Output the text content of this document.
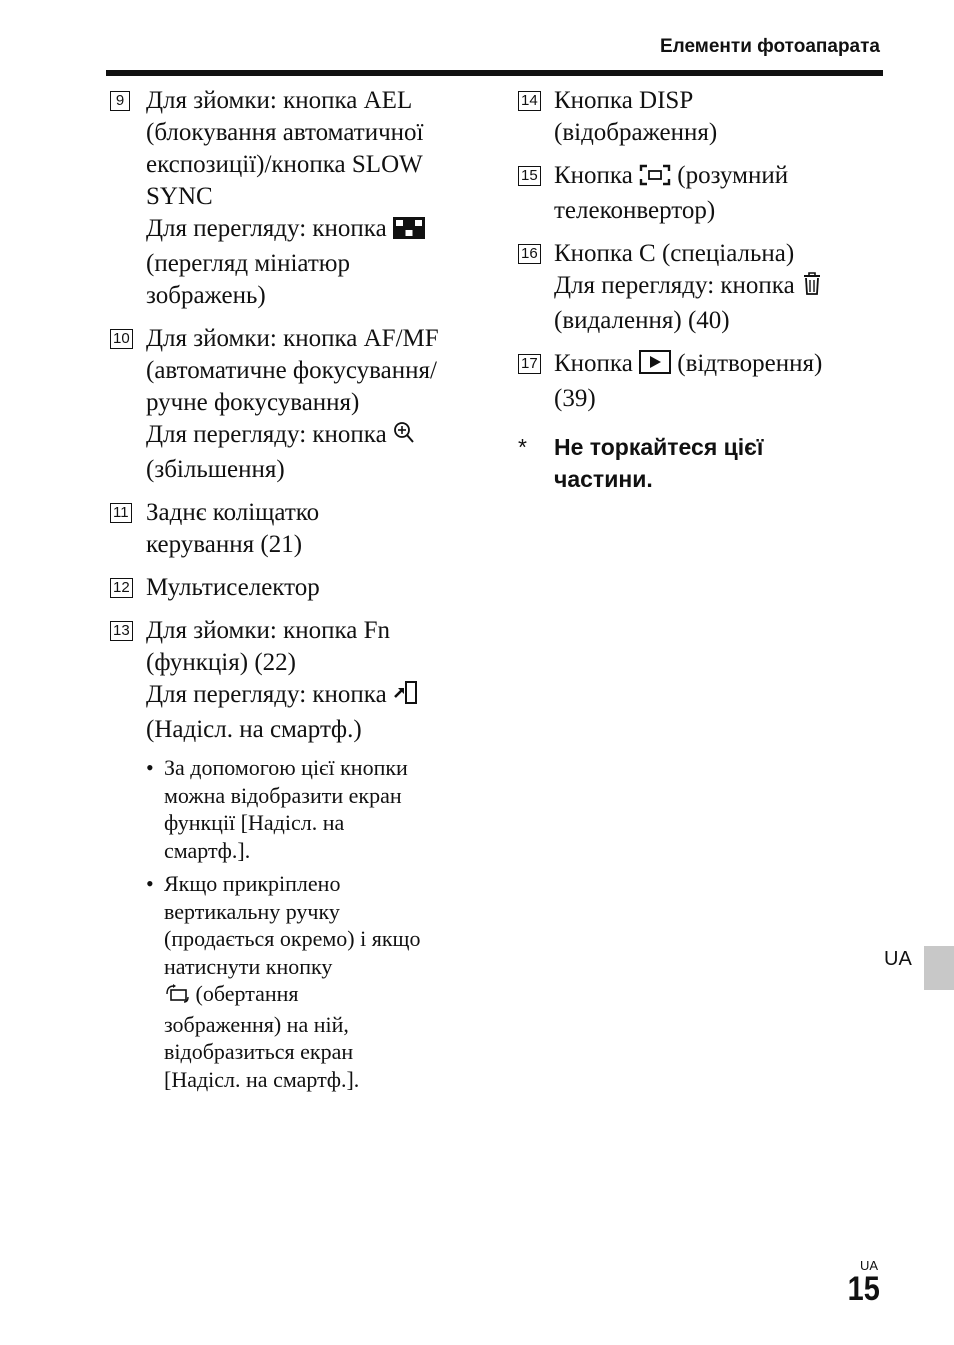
Елементи фотоапарата
9 Для зйомки: кнопка AEL
(блокування автоматичної
експозиції)/кнопка SLOW
SYNC
Для перегляду: кнопка
(перегляд мініатюр
зображень)
10 Для зйомки: кнопка AF/MF
(автоматичне фокусування/
ручне фокусування)
Для перегляду: кнопка
(збільшення)
11 Заднє коліщатко
керування (21)
12 Мультиселектор
13 Для зйомки: кнопка Fn
(функція) (22)
Для перегляду: кнопка
(Надісл. на смартф.)
• За допомогою цієї кнопки
можна відобразити екран
функції [Надісл. на
смартф.].
• Якщо прикріплено
вертикальну ручку
(продається окремо) і якщо
натиснути кнопку
(обертання
зображення) на ній,
відобразиться екран
[Надісл. на смартф.].
14 Кнопка DISP
(відображення)
15 Кнопка (розумний
телеконвертор)
16 Кнопка C (спеціальна)
Для перегляду: кнопка
(видалення) (40)
17 Кнопка (відтворення)
(39)
* Не торкайтеся цієї
частини.
UA
UA
15
